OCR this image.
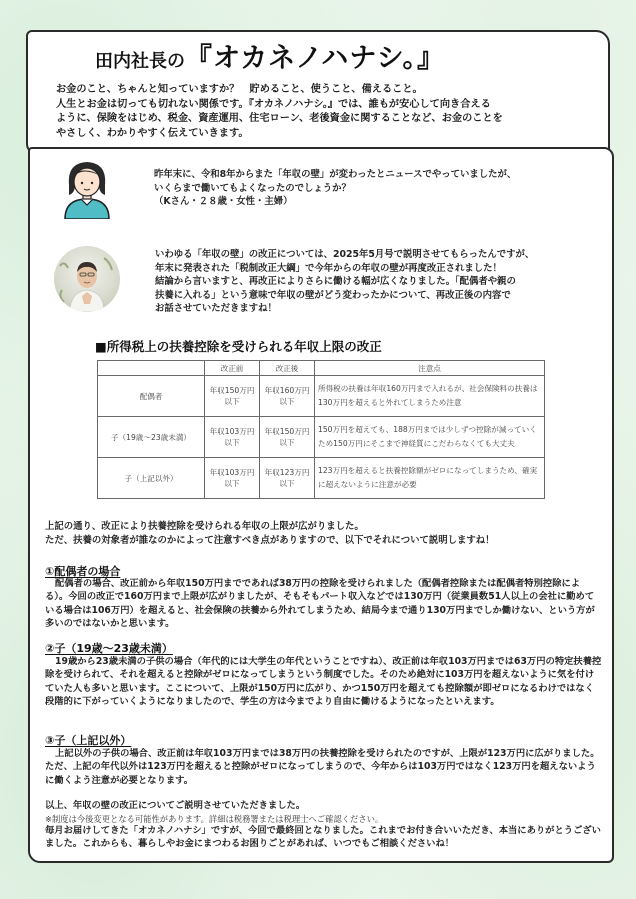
田内社長の『オカネノハナシ。』

お金のこと、ちゃんと知っていますか？　貯めること、使うこと、備えること。

人生とお金は切っても切れない関係です。『オカネノハナシ。』では、誰もが安心して向き合える

ように、保険をはじめ、税金、資産運用、住宅ローン、老後資金に関することなど、お金のことを

やさしく、わかりやすく伝えていきます。

昨年末に、令和8年からまた「年収の壁」が変わったとニュースでやっていましたが、

いくらまで働いてもよくなったのでしょうか？

（Kさん・２８歳・女性・主婦）

いわゆる「年収の壁」の改正については、2025年5月号で説明させてもらったんですが、

年末に発表された「税制改正大綱」で今年からの年収の壁が再度改正されました！

結論から言いますと、再改正によりさらに働ける幅が広くなりました。「配偶者や親の

扶養に入れる」という意味で年収の壁がどう変わったかについて、再改正後の内容で

お話させていただきますね！

■所得税上の扶養控除を受けられる年収上限の改正
	改正前	改正後	注意点
配偶者	年収150万円以下	年収160万円以下	所得税の扶養は年収160万円まで入れるが、社会保険料の扶養は130万円を超えると外れてしまうため注意
子（19歳〜23歳未満）	年収103万円以下	年収150万円以下	150万円を超えても、188万円までは少しずつ控除が減っていくため150万円にそこまで神経質にこだわらなくても大丈夫
子（上記以外）	年収103万円以下	年収123万円以下	123万円を超えると扶養控除額がゼロになってしまうため、確実に超えないように注意が必要

上記の通り、改正により扶養控除を受けられる年収の上限が広がりました。

ただ、扶養の対象者が誰なのかによって注意すべき点がありますので、以下でそれについて説明しますね！

①配偶者の場合
配偶者の場合、改正前から年収150万円までであれば38万円の控除を受けられました（配偶者控除または配偶者特別控除による）。今回の改正で160万円まで上限が広がりましたが、そもそもパート収入などでは130万円（従業員数51人以上の会社に勤めている場合は106万円）を超えると、社会保険の扶養から外れてしまうため、結局今まで通り130万円までしか働けない、という方が多いのではないかと思います。
②子（19歳〜23歳未満）
19歳から23歳未満の子供の場合（年代的には大学生の年代ということですね）、改正前は年収103万円までは63万円の特定扶養控除を受けられて、それを超えると控除がゼロになってしまうという制度でした。そのため絶対に103万円を超えないように気を付けていた人も多いと思います。ここについて、上限が150万円に広がり、かつ150万円を超えても控除額が即ゼロになるわけではなく段階的に下がっていくようになりましたので、学生の方は今までより自由に働けるようになったといえます。
③子（上記以外）
上記以外の子供の場合、改正前は年収103万円までは38万円の扶養控除を受けられたのですが、上限が123万円に広がりました。ただ、上記の年代以外は123万円を超えると控除がゼロになってしまうので、今年からは103万円ではなく123万円を超えないように働くよう注意が必要となります。

以上、年収の壁の改正についてご説明させていただきました。

※制度は今後変更となる可能性があります。詳細は税務署または税理士へご確認ください。

毎月お届けしてきた「オカネノハナシ」ですが、今回で最終回となりました。これまでお付き合いいただき、本当にありがとうございました。これからも、暮らしやお金にまつわるお困りごとがあれば、いつでもご相談くださいね！
